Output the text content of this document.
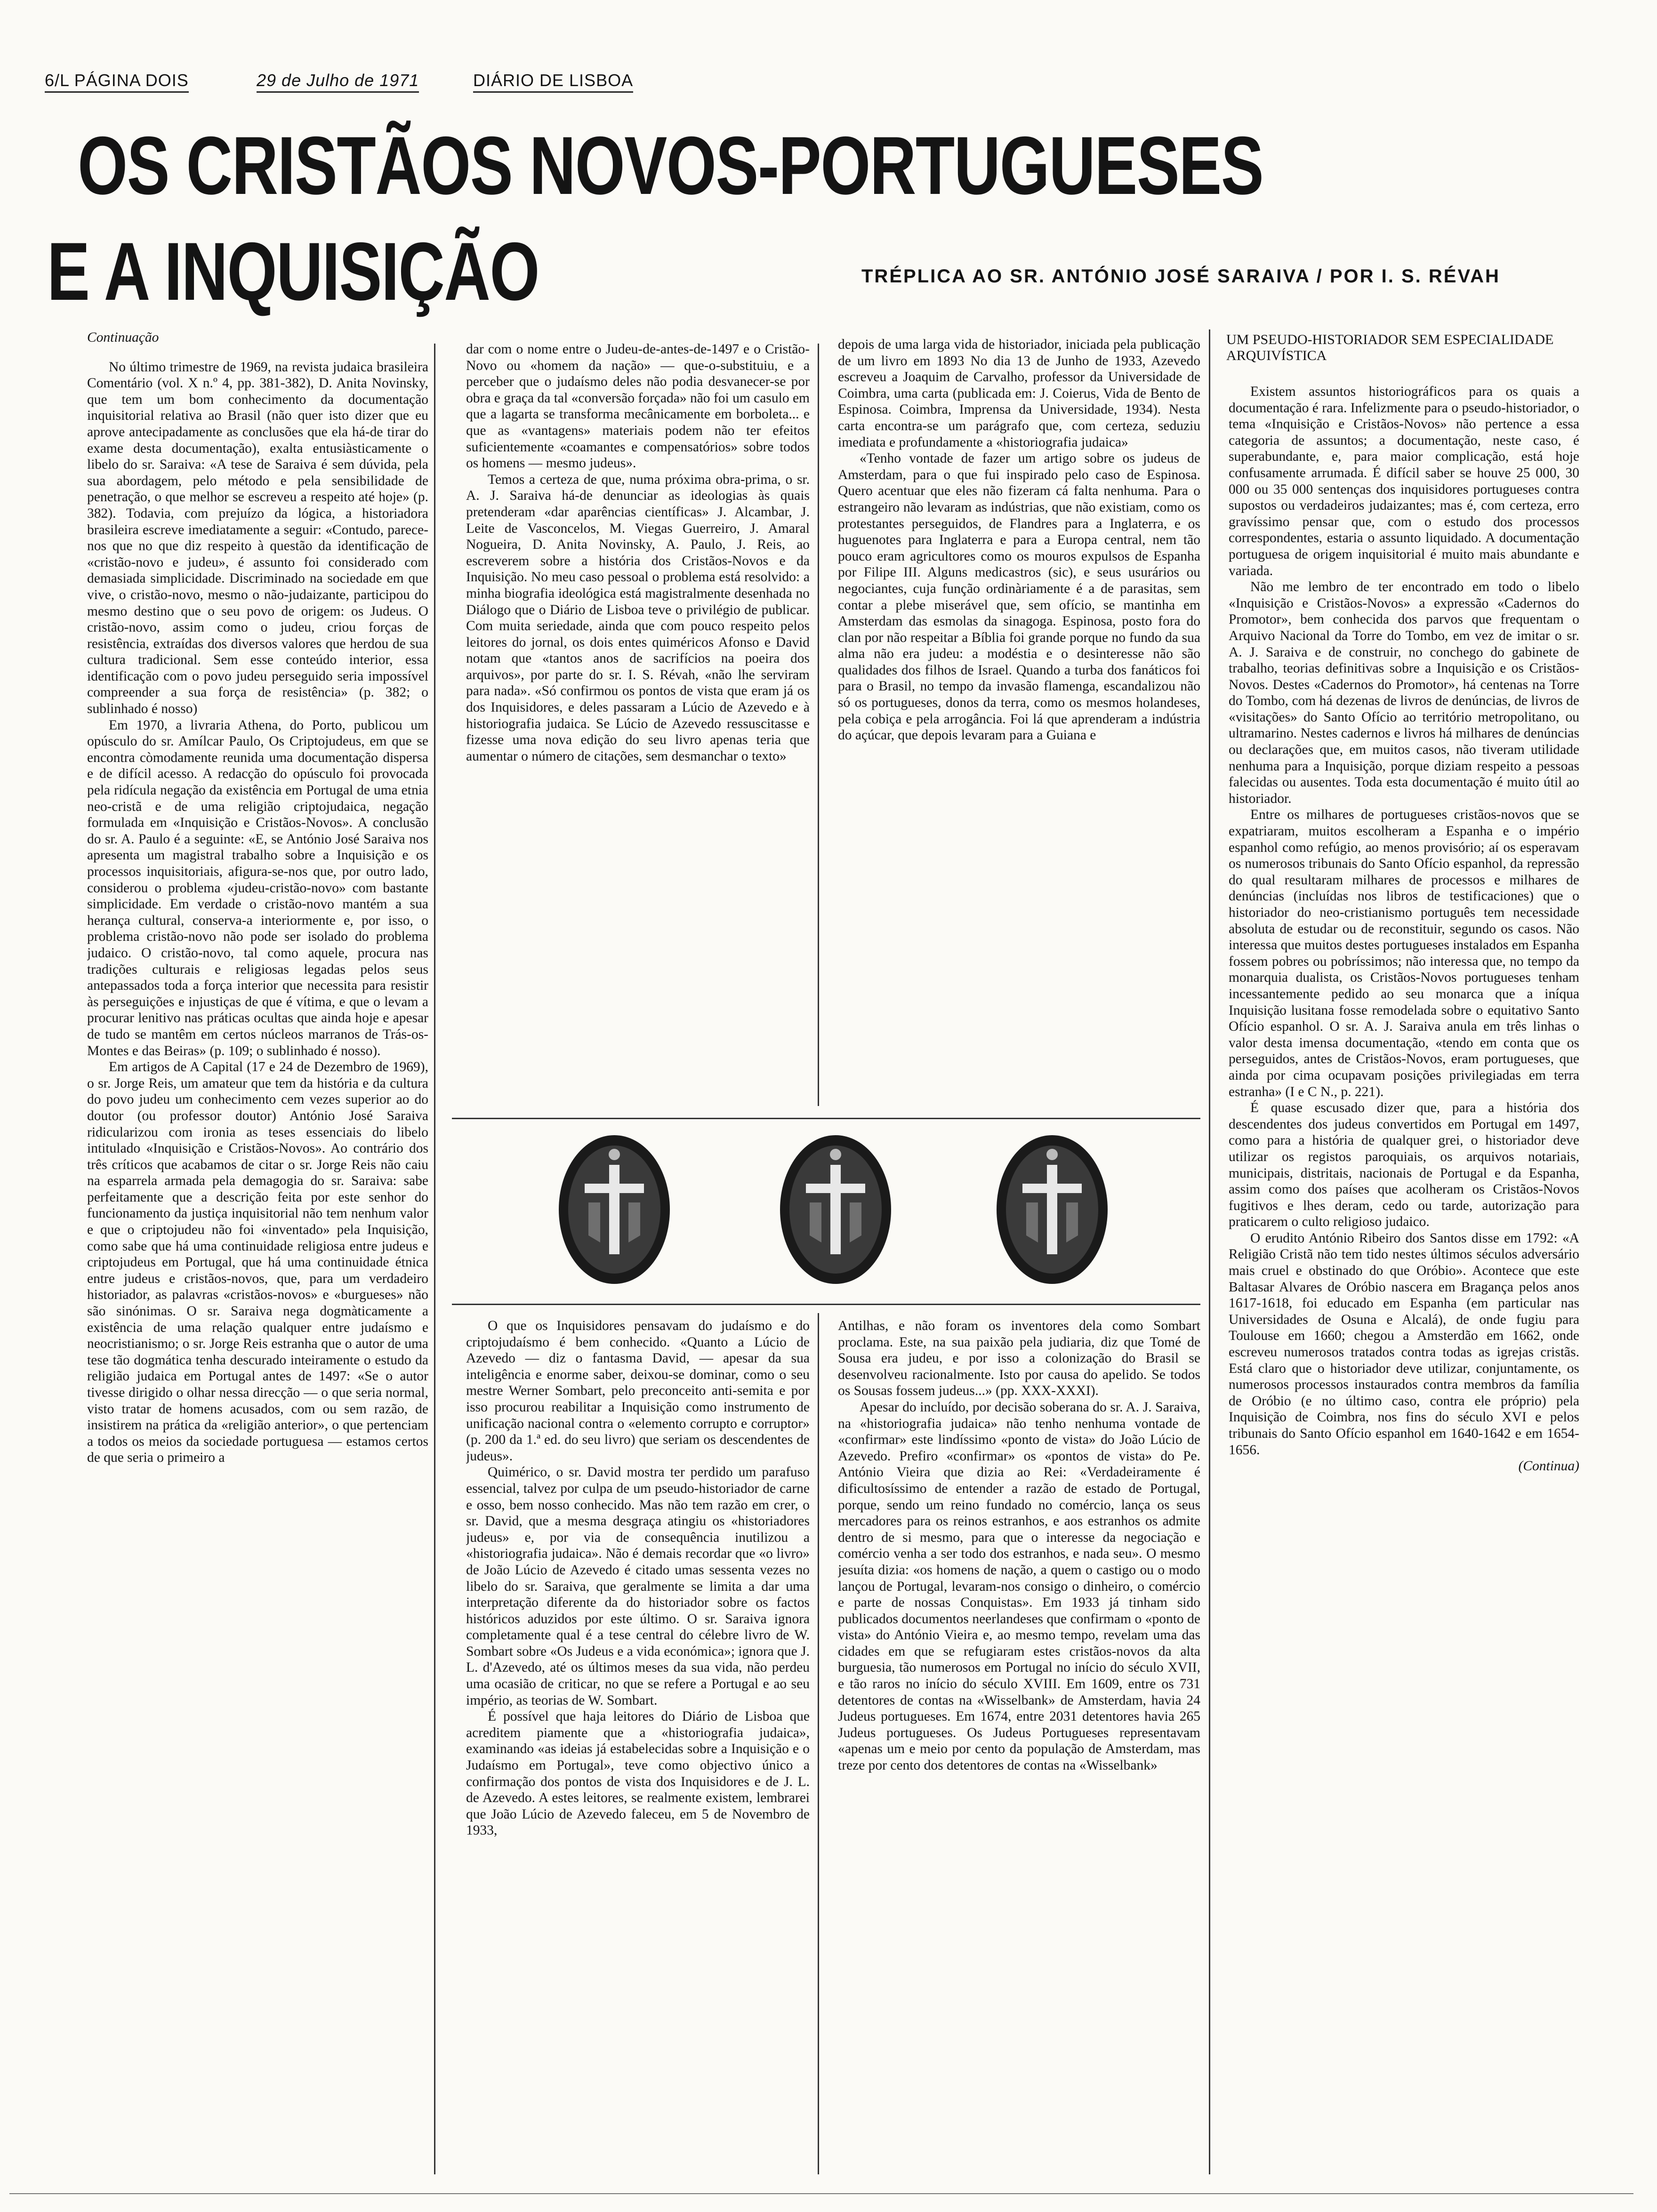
6/L PÁGINA DOIS	29 de Julho de 1971	DIÁRIO DE LISBOA
OS CRISTÃOS NOVOS-PORTUGUESES
E A INQUISIÇÃO	TRÉPLICA AO SR. ANTÓNIO JOSÉ SARAIVA / POR I. S. RÉVAH

Continuação

No último trimestre de 1969, na revista judaica brasileira Comentário (vol. X n.º 4, pp. 381-382), D. Anita Novinsky, que tem um bom conhecimento da documentação inquisitorial relativa ao Brasil (não quer isto dizer que eu aprove antecipadamente as conclusões que ela há-de tirar do exame desta documentação), exalta entusiàsticamente o libelo do sr. Saraiva: «A tese de Saraiva é sem dúvida, pela sua abordagem, pelo método e pela sensibilidade de penetração, o que melhor se escreveu a respeito até hoje» (p. 382). Todavia, com prejuízo da lógica, a historiadora brasileira escreve imediatamente a seguir: «Contudo, parece-nos que no que diz respeito à questão da identificação de «cristão-novo e judeu», é assunto foi considerado com demasiada simplicidade. Discriminado na sociedade em que vive, o cristão-novo, mesmo o não-judaizante, participou do mesmo destino que o seu povo de origem: os Judeus. O cristão-novo, assim como o judeu, criou forças de resistência, extraídas dos diversos valores que herdou de sua cultura tradicional. Sem esse conteúdo interior, essa identificação com o povo judeu perseguido seria impossível compreender a sua força de resistência» (p. 382; o sublinhado é nosso)

Em 1970, a livraria Athena, do Porto, publicou um opúsculo do sr. Amílcar Paulo, Os Criptojudeus, em que se encontra còmodamente reunida uma documentação dispersa e de difícil acesso. A redacção do opúsculo foi provocada pela ridícula negação da existência em Portugal de uma etnia neo-cristã e de uma religião criptojudaica, negação formulada em «Inquisição e Cristãos-Novos». A conclusão do sr. A. Paulo é a seguinte: «E, se António José Saraiva nos apresenta um magistral trabalho sobre a Inquisição e os processos inquisitoriais, afigura-se-nos que, por outro lado, considerou o problema «judeu-cristão-novo» com bastante simplicidade. Em verdade o cristão-novo mantém a sua herança cultural, conserva-a interiormente e, por isso, o problema cristão-novo não pode ser isolado do problema judaico. O cristão-novo, tal como aquele, procura nas tradições culturais e religiosas legadas pelos seus antepassados toda a força interior que necessita para resistir às perseguições e injustiças de que é vítima, e que o levam a procurar lenitivo nas práticas ocultas que ainda hoje e apesar de tudo se mantêm em certos núcleos marranos de Trás-os-Montes e das Beiras» (p. 109; o sublinhado é nosso).

Em artigos de A Capital (17 e 24 de Dezembro de 1969), o sr. Jorge Reis, um amateur que tem da história e da cultura do povo judeu um conhecimento cem vezes superior ao do doutor (ou professor doutor) António José Saraiva ridicularizou com ironia as teses essenciais do libelo intitulado «Inquisição e Cristãos-Novos». Ao contrário dos três críticos que acabamos de citar o sr. Jorge Reis não caiu na esparrela armada pela demagogia do sr. Saraiva: sabe perfeitamente que a descrição feita por este senhor do funcionamento da justiça inquisitorial não tem nenhum valor e que o criptojudeu não foi «inventado» pela Inquisição, como sabe que há uma continuidade religiosa entre judeus e criptojudeus em Portugal, que há uma continuidade étnica entre judeus e cristãos-novos, que, para um verdadeiro historiador, as palavras «cristãos-novos» e «burgueses» não são sinónimas. O sr. Saraiva nega dogmàticamente a existência de uma relação qualquer entre judaísmo e neocristianismo; o sr. Jorge Reis estranha que o autor de uma tese tão dogmática tenha descurado inteiramente o estudo da religião judaica em Portugal antes de 1497: «Se o autor tivesse dirigido o olhar nessa direcção — o que seria normal, visto tratar de homens acusados, com ou sem razão, de insistirem na prática da «religião anterior», o que pertenciam a todos os meios da sociedade portuguesa — estamos certos de que seria o primeiro a

dar com o nome entre o Judeu-de-antes-de-1497 e o Cristão-Novo ou «homem da nação» — que-o-substituiu, e a perceber que o judaísmo deles não podia desvanecer-se por obra e graça da tal «conversão forçada» não foi um casulo em que a lagarta se transforma mecânicamente em borboleta... e que as «vantagens» materiais podem não ter efeitos suficientemente «coamantes e compensatórios» sobre todos os homens — mesmo judeus».

Temos a certeza de que, numa próxima obra-prima, o sr. A. J. Saraiva há-de denunciar as ideologias às quais pretenderam «dar aparências científicas» J. Alcambar, J. Leite de Vasconcelos, M. Viegas Guerreiro, J. Amaral Nogueira, D. Anita Novinsky, A. Paulo, J. Reis, ao escreverem sobre a história dos Cristãos-Novos e da Inquisição. No meu caso pessoal o problema está resolvido: a minha biografia ideológica está magistralmente desenhada no Diálogo que o Diário de Lisboa teve o privilégio de publicar. Com muita seriedade, ainda que com pouco respeito pelos leitores do jornal, os dois entes quiméricos Afonso e David notam que «tantos anos de sacrifícios na poeira dos arquivos», por parte do sr. I. S. Révah, «não lhe serviram para nada». «Só confirmou os pontos de vista que eram já os dos Inquisidores, e deles passaram a Lúcio de Azevedo e à historiografia judaica. Se Lúcio de Azevedo ressuscitasse e fizesse uma nova edição do seu livro apenas teria que aumentar o número de citações, sem desmanchar o texto»

depois de uma larga vida de historiador, iniciada pela publicação de um livro em 1893 No dia 13 de Junho de 1933, Azevedo escreveu a Joaquim de Carvalho, professor da Universidade de Coimbra, uma carta (publicada em: J. Coierus, Vida de Bento de Espinosa. Coimbra, Imprensa da Universidade, 1934). Nesta carta encontra-se um parágrafo que, com certeza, seduziu imediata e profundamente a «historiografia judaica»

«Tenho vontade de fazer um artigo sobre os judeus de Amsterdam, para o que fui inspirado pelo caso de Espinosa. Quero acentuar que eles não fizeram cá falta nenhuma. Para o estrangeiro não levaram as indústrias, que não existiam, como os protestantes perseguidos, de Flandres para a Inglaterra, e os huguenotes para Inglaterra e para a Europa central, nem tão pouco eram agricultores como os mouros expulsos de Espanha por Filipe III. Alguns medicastros (sic), e seus usurários ou negociantes, cuja função ordinàriamente é a de parasitas, sem contar a plebe miserável que, sem ofício, se mantinha em Amsterdam das esmolas da sinagoga. Espinosa, posto fora do clan por não respeitar a Bíblia foi grande porque no fundo da sua alma não era judeu: a modéstia e o desinteresse não são qualidades dos filhos de Israel. Quando a turba dos fanáticos foi para o Brasil, no tempo da invasão flamenga, escandalizou não só os portugueses, donos da terra, como os mesmos holandeses, pela cobiça e pela arrogância. Foi lá que aprenderam a indústria do açúcar, que depois levaram para a Guiana e

O que os Inquisidores pensavam do judaísmo e do criptojudaísmo é bem conhecido. «Quanto a Lúcio de Azevedo — diz o fantasma David, — apesar da sua inteligência e enorme saber, deixou-se dominar, como o seu mestre Werner Sombart, pelo preconceito anti-semita e por isso procurou reabilitar a Inquisição como instrumento de unificação nacional contra o «elemento corrupto e corruptor» (p. 200 da 1.ª ed. do seu livro) que seriam os descendentes de judeus».

Quimérico, o sr. David mostra ter perdido um parafuso essencial, talvez por culpa de um pseudo-historiador de carne e osso, bem nosso conhecido. Mas não tem razão em crer, o sr. David, que a mesma desgraça atingiu os «historiadores judeus» e, por via de consequência inutilizou a «historiografia judaica». Não é demais recordar que «o livro» de João Lúcio de Azevedo é citado umas sessenta vezes no libelo do sr. Saraiva, que geralmente se limita a dar uma interpretação diferente da do historiador sobre os factos históricos aduzidos por este último. O sr. Saraiva ignora completamente qual é a tese central do célebre livro de W. Sombart sobre «Os Judeus e a vida económica»; ignora que J. L. d'Azevedo, até os últimos meses da sua vida, não perdeu uma ocasião de criticar, no que se refere a Portugal e ao seu império, as teorias de W. Sombart.

É possível que haja leitores do Diário de Lisboa que acreditem piamente que a «historiografia judaica», examinando «as ideias já estabelecidas sobre a Inquisição e o Judaísmo em Portugal», teve como objectivo único a confirmação dos pontos de vista dos Inquisidores e de J. L. de Azevedo. A estes leitores, se realmente existem, lembrarei que João Lúcio de Azevedo faleceu, em 5 de Novembro de 1933,

Antilhas, e não foram os inventores dela como Sombart proclama. Este, na sua paixão pela judiaria, diz que Tomé de Sousa era judeu, e por isso a colonização do Brasil se desenvolveu racionalmente. Isto por causa do apelido. Se todos os Sousas fossem judeus...» (pp. XXX-XXXI).

Apesar do incluído, por decisão soberana do sr. A. J. Saraiva, na «historiografia judaica» não tenho nenhuma vontade de «confirmar» este lindíssimo «ponto de vista» do João Lúcio de Azevedo. Prefiro «confirmar» os «pontos de vista» do Pe. António Vieira que dizia ao Rei: «Verdadeiramente é dificultosíssimo de entender a razão de estado de Portugal, porque, sendo um reino fundado no comércio, lança os seus mercadores para os reinos estranhos, e aos estranhos os admite dentro de si mesmo, para que o interesse da negociação e comércio venha a ser todo dos estranhos, e nada seu». O mesmo jesuíta dizia: «os homens de nação, a quem o castigo ou o modo lançou de Portugal, levaram-nos consigo o dinheiro, o comércio e parte de nossas Conquistas». Em 1933 já tinham sido publicados documentos neerlandeses que confirmam o «ponto de vista» do António Vieira e, ao mesmo tempo, revelam uma das cidades em que se refugiaram estes cristãos-novos da alta burguesia, tão numerosos em Portugal no início do século XVII, e tão raros no início do século XVIII. Em 1609, entre os 731 detentores de contas na «Wisselbank» de Amsterdam, havia 24 Judeus portugueses. Em 1674, entre 2031 detentores havia 265 Judeus portugueses. Os Judeus Portugueses representavam «apenas um e meio por cento da população de Amsterdam, mas treze por cento dos detentores de contas na «Wisselbank»

UM PSEUDO-HISTORIADOR SEM ESPECIALIDADE ARQUIVÍSTICA

Existem assuntos historiográficos para os quais a documentação é rara. Infelizmente para o pseudo-historiador, o tema «Inquisição e Cristãos-Novos» não pertence a essa categoria de assuntos; a documentação, neste caso, é superabundante, e, para maior complicação, está hoje confusamente arrumada. É difícil saber se houve 25 000, 30 000 ou 35 000 sentenças dos inquisidores portugueses contra supostos ou verdadeiros judaizantes; mas é, com certeza, erro gravíssimo pensar que, com o estudo dos processos correspondentes, estaria o assunto liquidado. A documentação portuguesa de origem inquisitorial é muito mais abundante e variada.

Não me lembro de ter encontrado em todo o libelo «Inquisição e Cristãos-Novos» a expressão «Cadernos do Promotor», bem conhecida dos parvos que frequentam o Arquivo Nacional da Torre do Tombo, em vez de imitar o sr. A. J. Saraiva e de construir, no conchego do gabinete de trabalho, teorias definitivas sobre a Inquisição e os Cristãos-Novos. Destes «Cadernos do Promotor», há centenas na Torre do Tombo, com há dezenas de livros de denúncias, de livros de «visitações» do Santo Ofício ao território metropolitano, ou ultramarino. Nestes cadernos e livros há milhares de denúncias ou declarações que, em muitos casos, não tiveram utilidade nenhuma para a Inquisição, porque diziam respeito a pessoas falecidas ou ausentes. Toda esta documentação é muito útil ao historiador.

Entre os milhares de portugueses cristãos-novos que se expatriaram, muitos escolheram a Espanha e o império espanhol como refúgio, ao menos provisório; aí os esperavam os numerosos tribunais do Santo Ofício espanhol, da repressão do qual resultaram milhares de processos e milhares de denúncias (incluídas nos libros de testificaciones) que o historiador do neo-cristianismo português tem necessidade absoluta de estudar ou de reconstituir, segundo os casos. Não interessa que muitos destes portugueses instalados em Espanha fossem pobres ou pobríssimos; não interessa que, no tempo da monarquia dualista, os Cristãos-Novos portugueses tenham incessantemente pedido ao seu monarca que a iníqua Inquisição lusitana fosse remodelada sobre o equitativo Santo Ofício espanhol. O sr. A. J. Saraiva anula em três linhas o valor desta imensa documentação, «tendo em conta que os perseguidos, antes de Cristãos-Novos, eram portugueses, que ainda por cima ocupavam posições privilegiadas em terra estranha» (I e C N., p. 221).

É quase escusado dizer que, para a história dos descendentes dos judeus convertidos em Portugal em 1497, como para a história de qualquer grei, o historiador deve utilizar os registos paroquiais, os arquivos notariais, municipais, distritais, nacionais de Portugal e da Espanha, assim como dos países que acolheram os Cristãos-Novos fugitivos e lhes deram, cedo ou tarde, autorização para praticarem o culto religioso judaico.

O erudito António Ribeiro dos Santos disse em 1792: «A Religião Cristã não tem tido nestes últimos séculos adversário mais cruel e obstinado do que Oróbio». Acontece que este Baltasar Alvares de Oróbio nascera em Bragança pelos anos 1617-1618, foi educado em Espanha (em particular nas Universidades de Osuna e Alcalá), de onde fugiu para Toulouse em 1660; chegou a Amsterdão em 1662, onde escreveu numerosos tratados contra todas as igrejas cristãs. Está claro que o historiador deve utilizar, conjuntamente, os numerosos processos instaurados contra membros da família de Oróbio (e no último caso, contra ele próprio) pela Inquisição de Coimbra, nos fins do século XVI e pelos tribunais do Santo Ofício espanhol em 1640-1642 e em 1654-1656.

(Continua)
